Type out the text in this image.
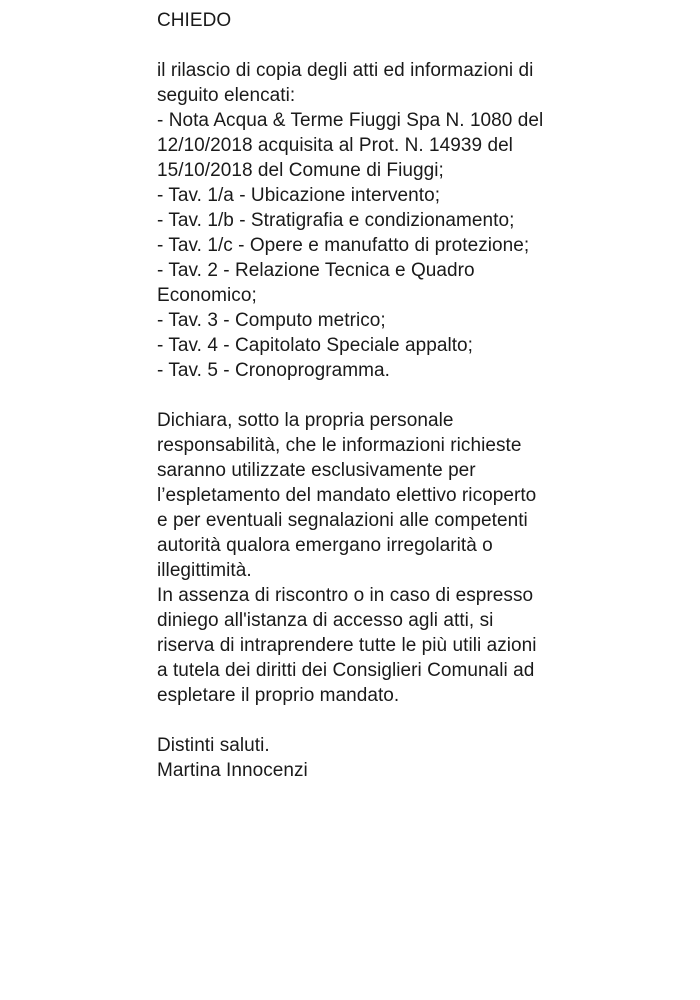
CHIEDO
il rilascio di copia degli atti ed informazioni di
seguito elencati:
- Nota Acqua & Terme Fiuggi Spa N. 1080 del
12/10/2018 acquisita al Prot. N. 14939 del
15/10/2018 del Comune di Fiuggi;
- Tav. 1/a - Ubicazione intervento;
- Tav. 1/b - Stratigrafia e condizionamento;
- Tav. 1/c - Opere e manufatto di protezione;
- Tav. 2 - Relazione Tecnica e Quadro
Economico;
- Tav. 3 - Computo metrico;
- Tav. 4 - Capitolato Speciale appalto;
- Tav. 5 - Cronoprogramma.
Dichiara, sotto la propria personale
responsabilità, che le informazioni richieste
saranno utilizzate esclusivamente per
l’espletamento del mandato elettivo ricoperto
e per eventuali segnalazioni alle competenti
autorità qualora emergano irregolarità o
illegittimità.
In assenza di riscontro o in caso di espresso
diniego all'istanza di accesso agli atti, si
riserva di intraprendere tutte le più utili azioni
a tutela dei diritti dei Consiglieri Comunali ad
espletare il proprio mandato.
Distinti saluti.
Martina Innocenzi
